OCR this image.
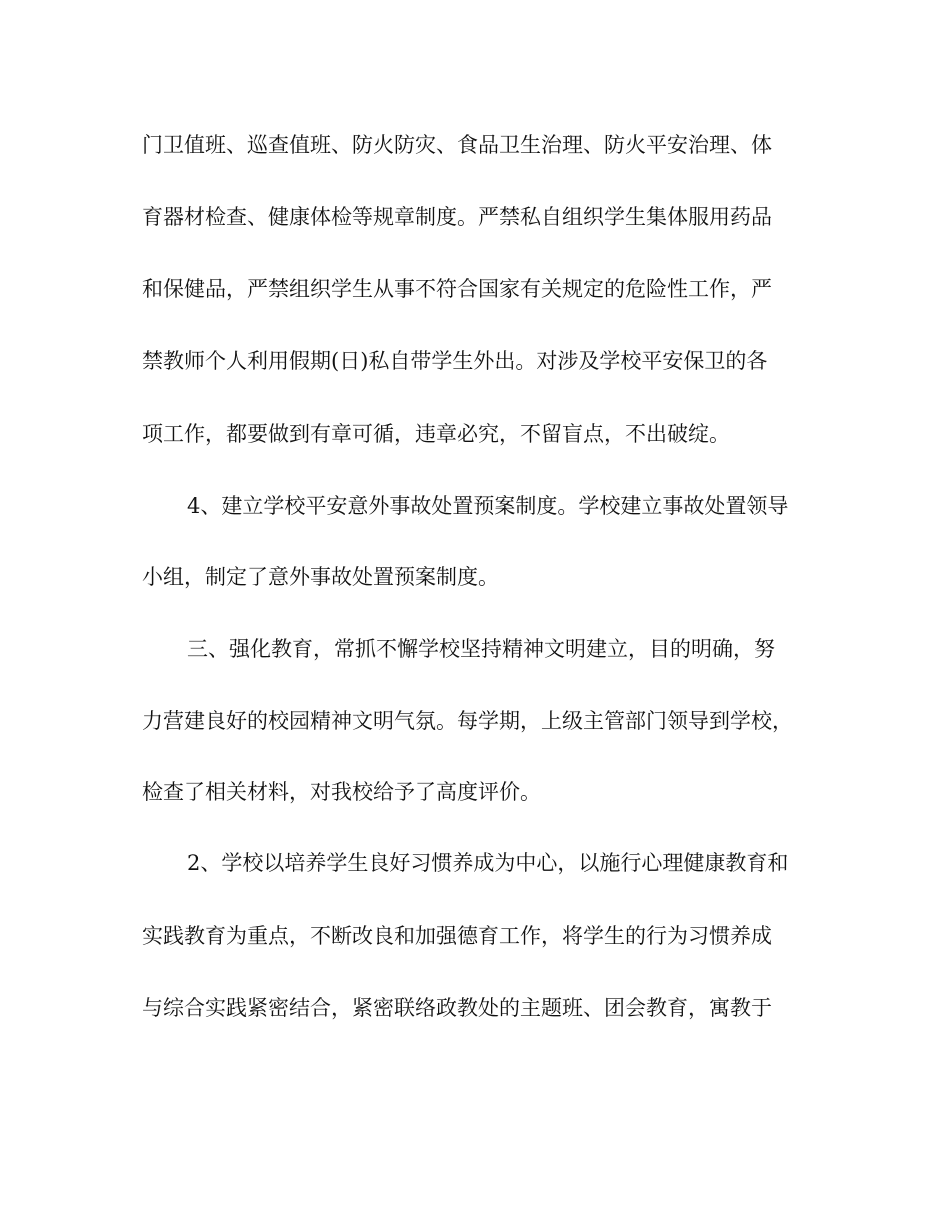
门卫值班、巡查值班、防火防灾、食品卫生治理、防火平安治理、体
育器材检查、健康体检等规章制度。严禁私自组织学生集体服用药品
和保健品，严禁组织学生从事不符合国家有关规定的危险性工作，严
禁教师个人利用假期(日)私自带学生外出。对涉及学校平安保卫的各
项工作，都要做到有章可循，违章必究，不留盲点，不出破绽。
4、建立学校平安意外事故处置预案制度。学校建立事故处置领导
小组，制定了意外事故处置预案制度。
三、强化教育，常抓不懈学校坚持精神文明建立，目的明确，努
力营建良好的校园精神文明气氛。每学期，上级主管部门领导到学校，
检查了相关材料，对我校给予了高度评价。
2、学校以培养学生良好习惯养成为中心，以施行心理健康教育和
实践教育为重点，不断改良和加强德育工作，将学生的行为习惯养成
与综合实践紧密结合，紧密联络政教处的主题班、团会教育，寓教于
